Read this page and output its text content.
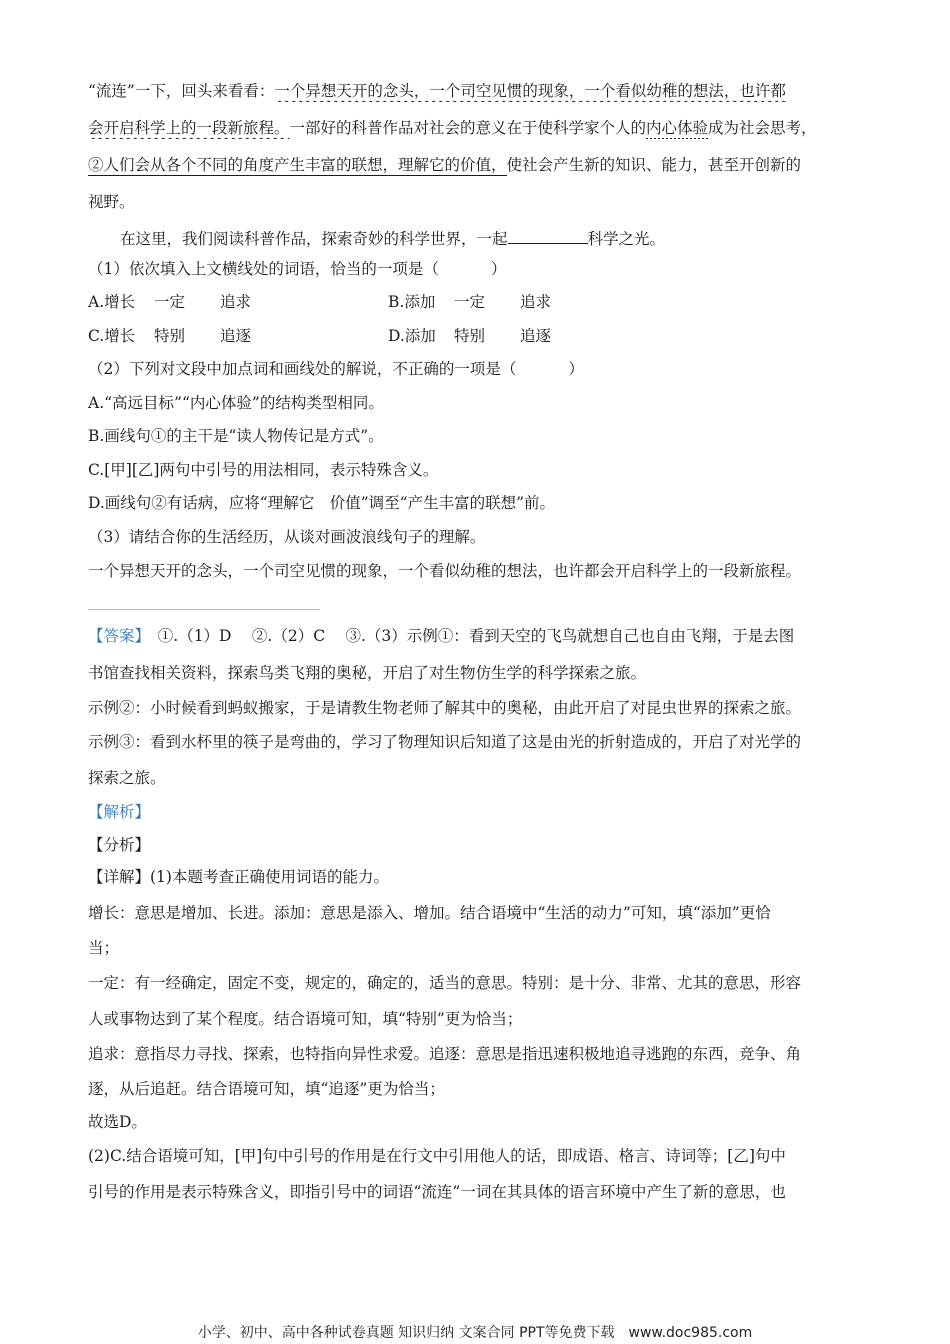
“流连”一下，回头来看看：一个异想天开的念头，一个司空见惯的现象，一个看似幼稚的想法，也许都
会开启科学上的一段新旅程。一部好的科普作品对社会的意义在于使科学家个人的内心体验成为社会思考，
②人们会从各个不同的角度产生丰富的联想，理解它的价值，使社会产生新的知识、能力，甚至开创新的
视野。
在这里，我们阅读科普作品，探索奇妙的科学世界，一起	科学之光。
（1）依次填入上文横线处的词语，恰当的一项是（	）
A.增长 一定 追求	B.添加 一定 追求
C.增长 特别 追逐	D.添加 特别 追逐
（2）下列对文段中加点词和画线处的解说，不正确的一项是（	）
A.“高远目标”“内心体验”的结构类型相同。
B.画线句①的主干是“读人物传记是方式”。
C.[甲][乙]两句中引号的用法相同，表示特殊含义。
D.画线句②有话病，应将“理解它　价值”调至“产生丰富的联想”前。
（3）请结合你的生活经历，从谈对画波浪线句子的理解。
一个异想天开的念头，一个司空见惯的现象，一个看似幼稚的想法，也许都会开启科学上的一段新旅程。
【答案】　①.（1）D　 ②.（2）C　 ③.（3）示例①：看到天空的飞鸟就想自己也自由飞翔，于是去图
书馆查找相关资料，探索鸟类飞翔的奥秘，开启了对生物仿生学的科学探索之旅。
示例②：小时候看到蚂蚁搬家，于是请教生物老师了解其中的奥秘，由此开启了对昆虫世界的探索之旅。
示例③：看到水杯里的筷子是弯曲的，学习了物理知识后知道了这是由光的折射造成的，开启了对光学的
探索之旅。
【解析】
【分析】
【详解】(1)本题考查正确使用词语的能力。
增长：意思是增加、长进。添加：意思是添入、增加。结合语境中“生活的动力”可知，填“添加”更恰
当；
一定：有一经确定，固定不变，规定的，确定的，适当的意思。特别：是十分、非常、尤其的意思，形容
人或事物达到了某个程度。结合语境可知，填“特别”更为恰当；
追求：意指尽力寻找、探索，也特指向异性求爱。追逐：意思是指迅速积极地追寻逃跑的东西，竞争、角
逐，从后追赶。结合语境可知，填“追逐”更为恰当；
故选D。
(2)C.结合语境可知，[甲]句中引号的作用是在行文中引用他人的话，即成语、格言、诗词等；[乙]句中
引号的作用是表示特殊含义，即指引号中的词语“流连”一词在其具体的语言环境中产生了新的意思，也
小学、初中、高中各种试卷真题 知识归纳 文案合同 PPT等免费下载　www.doc985.com
